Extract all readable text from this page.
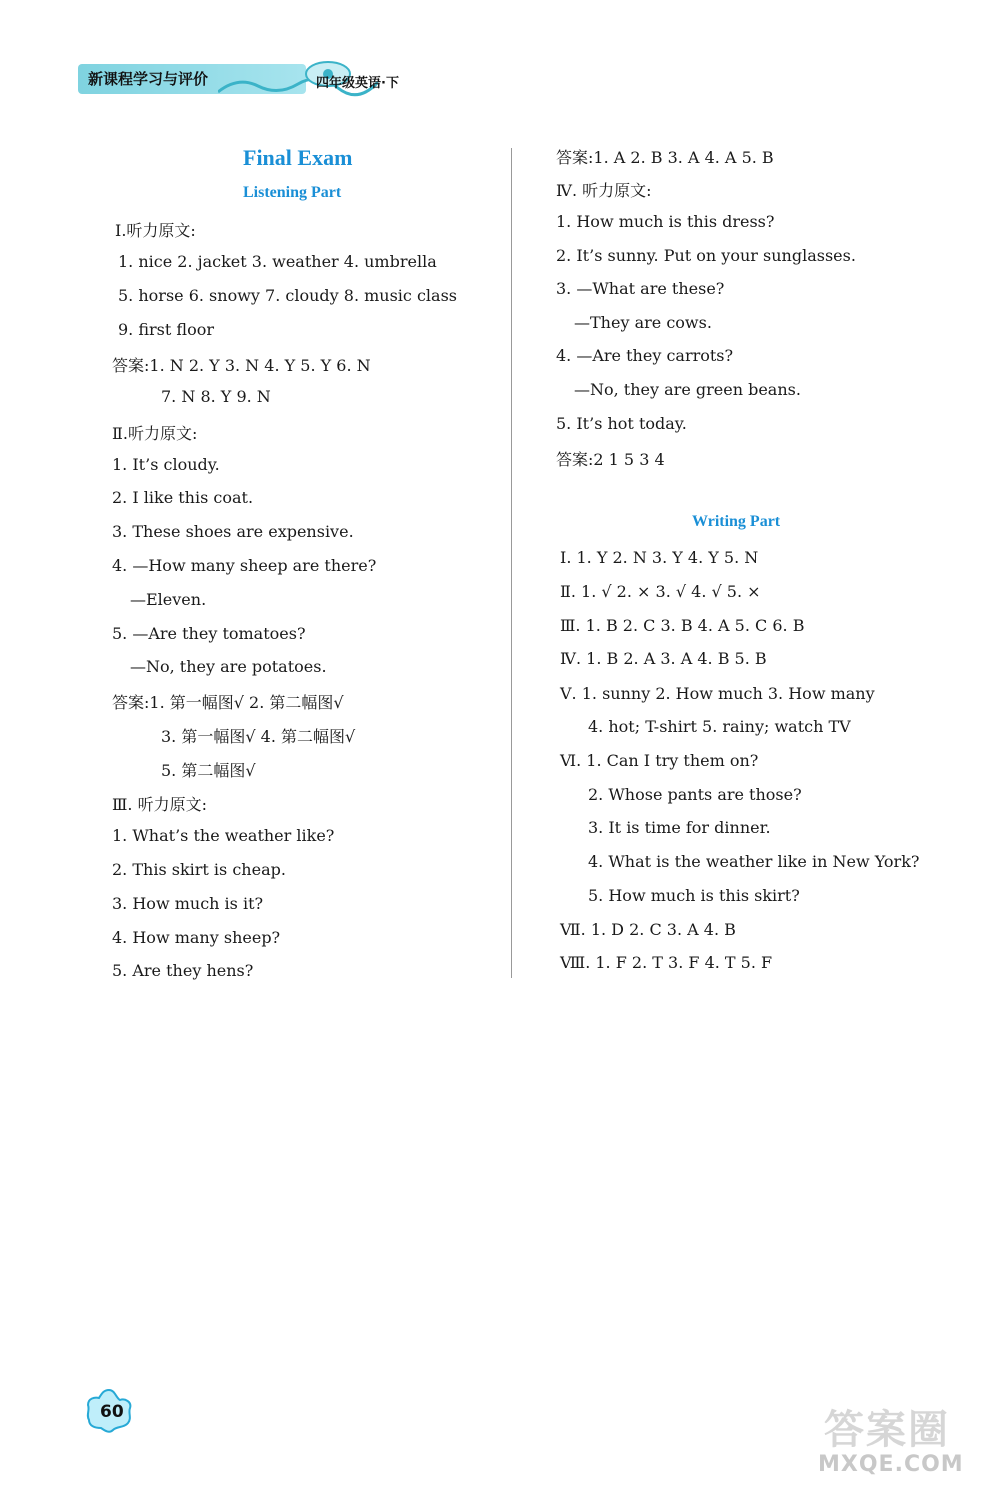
新课程学习与评价	四年级英语·下
Final Exam
Listening Part
Ⅰ.听力原文:
1. nice 2. jacket 3. weather 4. umbrella
5. horse 6. snowy 7. cloudy 8. music class
9. first floor
答案:1. N 2. Y 3. N 4. Y 5. Y 6. N
7. N 8. Y 9. N
Ⅱ.听力原文:
1. It’s cloudy.
2. I like this coat.
3. These shoes are expensive.
4. —How many sheep are there?
—Eleven.
5. —Are they tomatoes?
—No, they are potatoes.
答案:1. 第一幅图√ 2. 第二幅图√
3. 第一幅图√ 4. 第二幅图√
5. 第二幅图√
Ⅲ. 听力原文:
1. What’s the weather like?
2. This skirt is cheap.
3. How much is it?
4. How many sheep?
5. Are they hens?
答案:1. A 2. B 3. A 4. A 5. B
Ⅳ. 听力原文:
1. How much is this dress?
2. It’s sunny. Put on your sunglasses.
3. —What are these?
—They are cows.
4. —Are they carrots?
—No, they are green beans.
5. It’s hot today.
答案:2 1 5 3 4
Writing Part
Ⅰ. 1. Y 2. N 3. Y 4. Y 5. N
Ⅱ. 1. √ 2. × 3. √ 4. √ 5. ×
Ⅲ. 1. B 2. C 3. B 4. A 5. C 6. B
Ⅳ. 1. B 2. A 3. A 4. B 5. B
Ⅴ. 1. sunny 2. How much 3. How many
4. hot; T-shirt 5. rainy; watch TV
Ⅵ. 1. Can I try them on?
2. Whose pants are those?
3. It is time for dinner.
4. What is the weather like in New York?
5. How much is this skirt?
Ⅶ. 1. D 2. C 3. A 4. B
Ⅷ. 1. F 2. T 3. F 4. T 5. F
60	答案圈
MXQE.COM
